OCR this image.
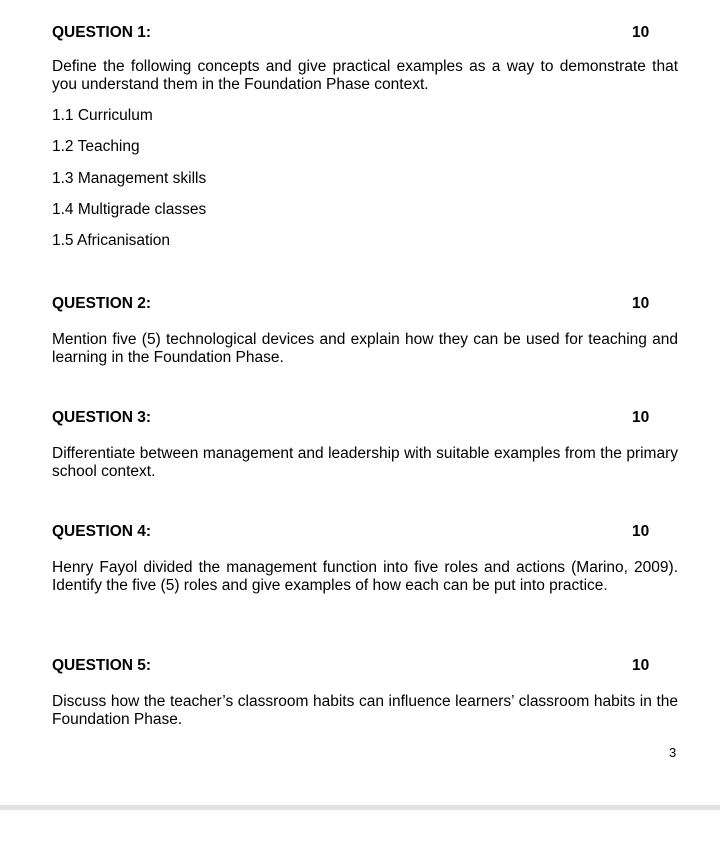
QUESTION 1:	10
Define the following concepts and give practical examples as a way to demonstrate that you understand them in the Foundation Phase context.
1.1 Curriculum
1.2 Teaching
1.3 Management skills
1.4 Multigrade classes
1.5 Africanisation
QUESTION 2:	10
Mention five (5) technological devices and explain how they can be used for teaching and learning in the Foundation Phase.
QUESTION 3:	10
Differentiate between management and leadership with suitable examples from the primary school context.
QUESTION 4:	10
Henry Fayol divided the management function into five roles and actions (Marino, 2009). Identify the five (5) roles and give examples of how each can be put into practice.
QUESTION 5:	10
Discuss how the teacher’s classroom habits can influence learners’ classroom habits in the Foundation Phase.
3
